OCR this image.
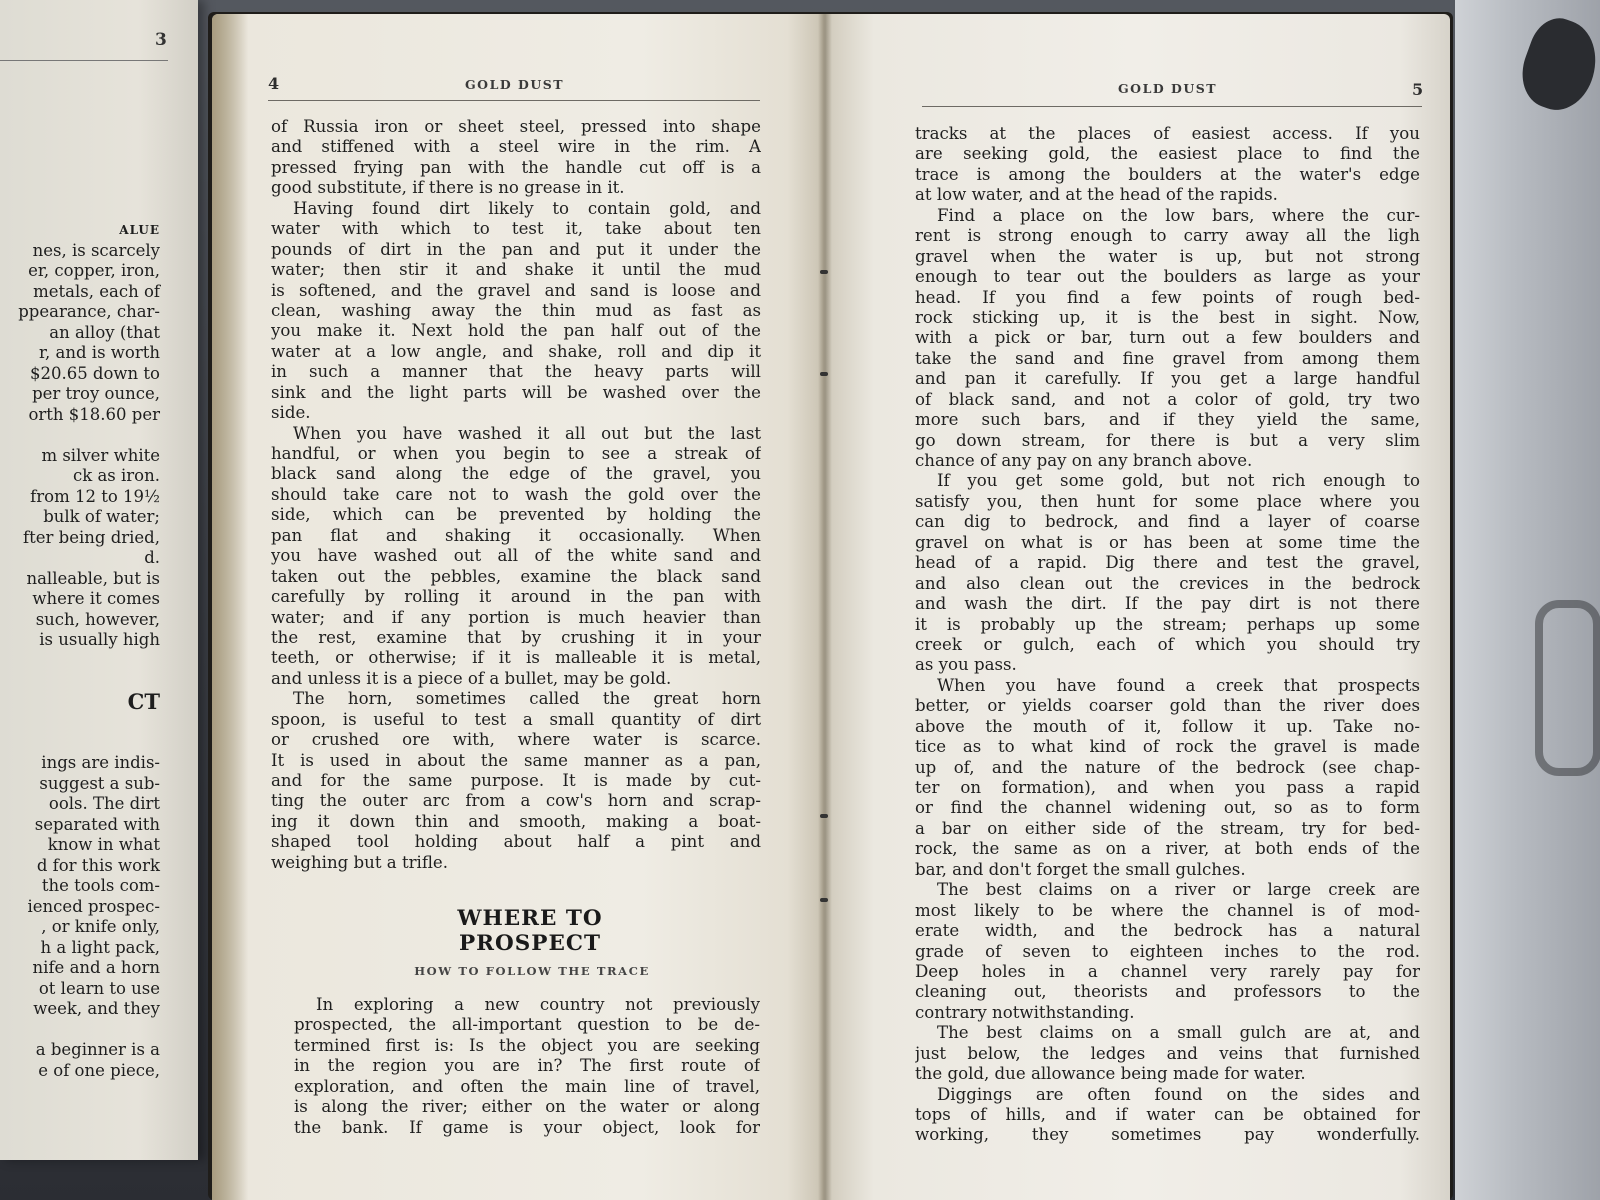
3
ALUE
nes, is scarcely
er, copper, iron,
metals, each of
ppearance, char-
an alloy (that
r, and is worth
$20.65 down to
per troy ounce,
orth $18.60 per

m silver white
ck as iron.
from 12 to 19½
bulk of water;
fter being dried,
d.
nalleable, but is
where it comes
such, however,
is usually high

CT

ings are indis-
suggest a sub-
ools. The dirt
separated with
know in what
d for this work
the tools com-
ienced prospec-
, or knife only,
h a light pack,
nife and a horn
ot learn to use
week, and they

a beginner is a
e of one piece,
4	GOLD DUST
of Russia iron or sheet steel, pressed into shape
and stiffened with a steel wire in the rim. A
pressed frying pan with the handle cut off is a
good substitute, if there is no grease in it.
Having found dirt likely to contain gold, and
water with which to test it, take about ten
pounds of dirt in the pan and put it under the
water; then stir it and shake it until the mud
is softened, and the gravel and sand is loose and
clean, washing away the thin mud as fast as
you make it. Next hold the pan half out of the
water at a low angle, and shake, roll and dip it
in such a manner that the heavy parts will
sink and the light parts will be washed over the
side.
When you have washed it all out but the last
handful, or when you begin to see a streak of
black sand along the edge of the gravel, you
should take care not to wash the gold over the
side, which can be prevented by holding the
pan flat and shaking it occasionally. When
you have washed out all of the white sand and
taken out the pebbles, examine the black sand
carefully by rolling it around in the pan with
water; and if any portion is much heavier than
the rest, examine that by crushing it in your
teeth, or otherwise; if it is malleable it is metal,
and unless it is a piece of a bullet, may be gold.
The horn, sometimes called the great horn
spoon, is useful to test a small quantity of dirt
or crushed ore with, where water is scarce.
It is used in about the same manner as a pan,
and for the same purpose. It is made by cut-
ting the outer arc from a cow's horn and scrap-
ing it down thin and smooth, making a boat-
shaped tool holding about half a pint and
weighing but a trifle.
WHERE TO PROSPECT
HOW TO FOLLOW THE TRACE
In exploring a new country not previously
prospected, the all-important question to be de-
termined first is: Is the object you are seeking
in the region you are in? The first route of
exploration, and often the main line of travel,
is along the river; either on the water or along
the bank. If game is your object, look for
GOLD DUST	5
tracks at the places of easiest access. If you
are seeking gold, the easiest place to find the
trace is among the boulders at the water's edge
at low water, and at the head of the rapids.
Find a place on the low bars, where the cur-
rent is strong enough to carry away all the ligh
gravel when the water is up, but not strong
enough to tear out the boulders as large as your
head. If you find a few points of rough bed-
rock sticking up, it is the best in sight. Now,
with a pick or bar, turn out a few boulders and
take the sand and fine gravel from among them
and pan it carefully. If you get a large handful
of black sand, and not a color of gold, try two
more such bars, and if they yield the same,
go down stream, for there is but a very slim
chance of any pay on any branch above.
If you get some gold, but not rich enough to
satisfy you, then hunt for some place where you
can dig to bedrock, and find a layer of coarse
gravel on what is or has been at some time the
head of a rapid. Dig there and test the gravel,
and also clean out the crevices in the bedrock
and wash the dirt. If the pay dirt is not there
it is probably up the stream; perhaps up some
creek or gulch, each of which you should try
as you pass.
When you have found a creek that prospects
better, or yields coarser gold than the river does
above the mouth of it, follow it up. Take no-
tice as to what kind of rock the gravel is made
up of, and the nature of the bedrock (see chap-
ter on formation), and when you pass a rapid
or find the channel widening out, so as to form
a bar on either side of the stream, try for bed-
rock, the same as on a river, at both ends of the
bar, and don't forget the small gulches.
The best claims on a river or large creek are
most likely to be where the channel is of mod-
erate width, and the bedrock has a natural
grade of seven to eighteen inches to the rod.
Deep holes in a channel very rarely pay for
cleaning out, theorists and professors to the
contrary notwithstanding.
The best claims on a small gulch are at, and
just below, the ledges and veins that furnished
the gold, due allowance being made for water.
Diggings are often found on the sides and
tops of hills, and if water can be obtained for
working, they sometimes pay wonderfully.
